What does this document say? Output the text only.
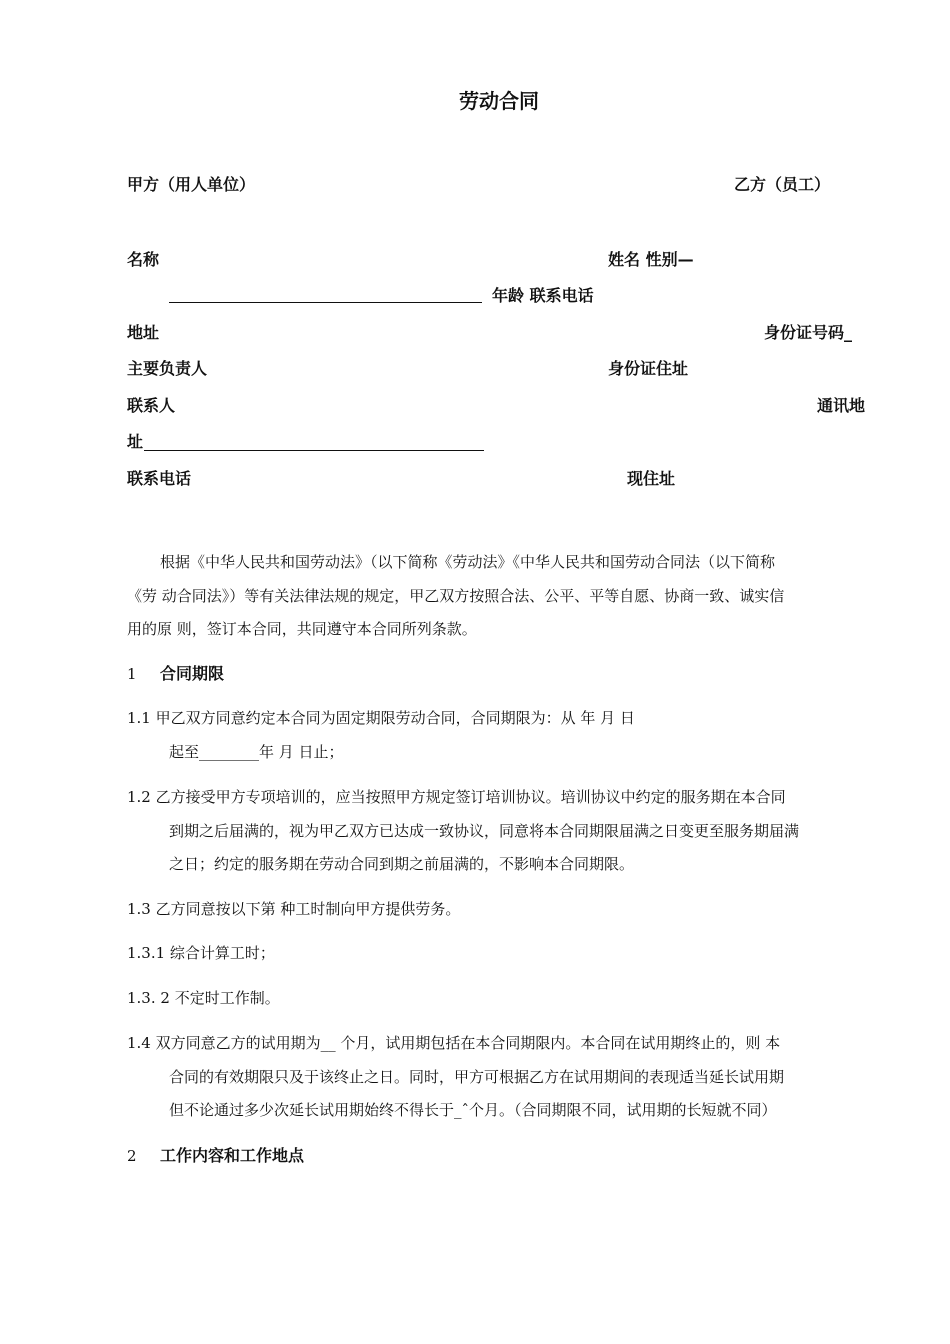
劳动合同
甲方（用人单位）	乙方（员工）
名称	姓名 性别—
年龄 联系电话
地址	身份证号码_
主要负责人	身份证住址
联系人	通讯地
址
联系电话	现住址
根据《中华人民共和国劳动法》（以下简称《劳动法》《中华人民共和国劳动合同法（以下简称
《劳 动合同法》）等有关法律法规的规定，甲乙双方按照合法、公平、平等自愿、协商一致、诚实信
用的原 则，签订本合同，共同遵守本合同所列条款。
1 合同期限
1.1 甲乙双方同意约定本合同为固定期限劳动合同，合同期限为：从 年 月 日
起至________年 月 日止；
1.2 乙方接受甲方专项培训的，应当按照甲方规定签订培训协议。培训协议中约定的服务期在本合同
到期之后届满的，视为甲乙双方已达成一致协议，同意将本合同期限届满之日变更至服务期届满
之日；约定的服务期在劳动合同到期之前届满的，不影响本合同期限。
1.3 乙方同意按以下第 种工时制向甲方提供劳务。
1.3.1 综合计算工时；
1.3. 2 不定时工作制。
1.4 双方同意乙方的试用期为__ 个月，试用期包括在本合同期限内。本合同在试用期终止的，则 本
合同的有效期限只及于该终止之日。同时，甲方可根据乙方在试用期间的表现适当延长试用期
但不论通过多少次延长试用期始终不得长于_ˆ个月。（合同期限不同，试用期的长短就不同）
2 工作内容和工作地点
